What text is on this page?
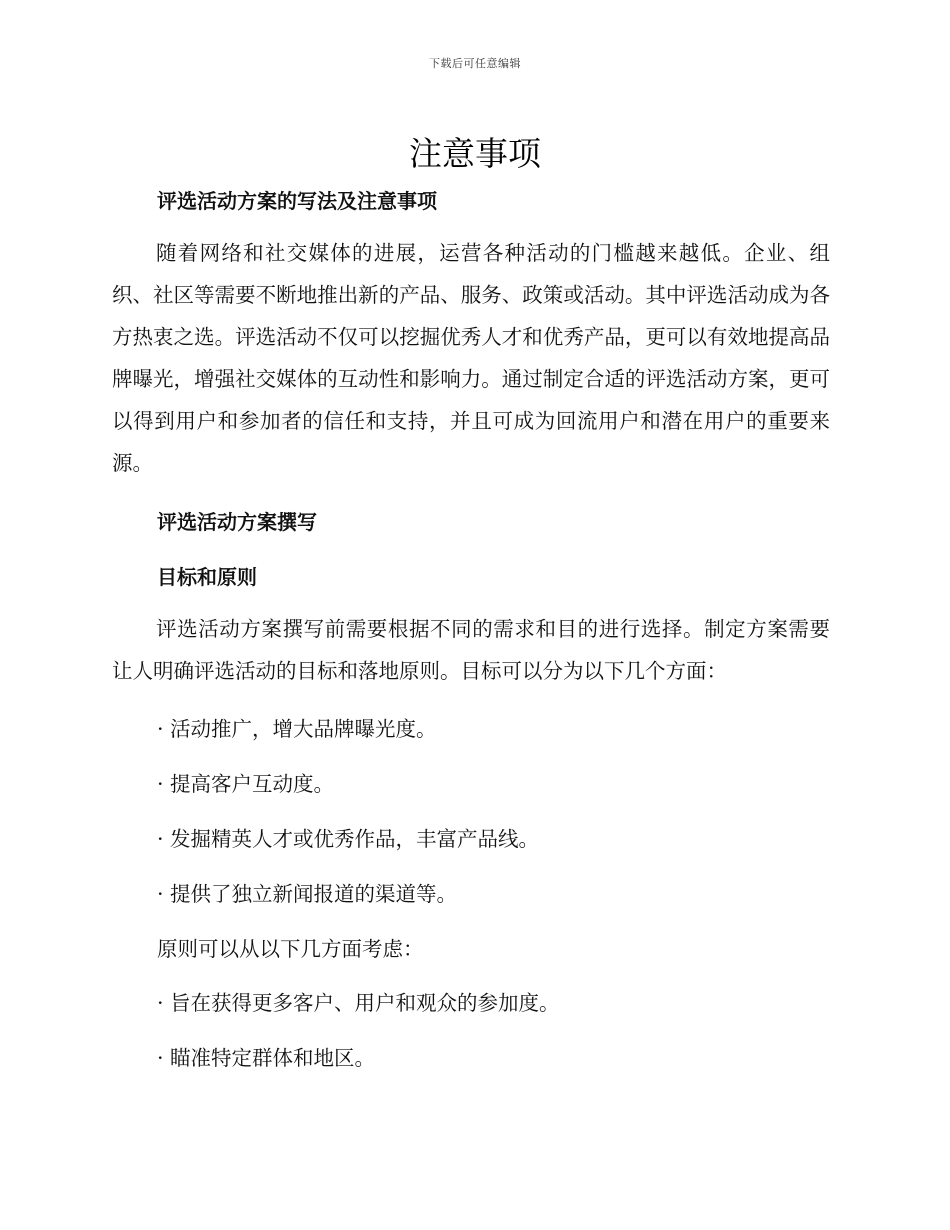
下载后可任意编辑
注意事项
评选活动方案的写法及注意事项
随着网络和社交媒体的进展，运营各种活动的门槛越来越低。企业、组织、社区等需要不断地推出新的产品、服务、政策或活动。其中评选活动成为各方热衷之选。评选活动不仅可以挖掘优秀人才和优秀产品，更可以有效地提高品牌曝光，增强社交媒体的互动性和影响力。通过制定合适的评选活动方案，更可以得到用户和参加者的信任和支持，并且可成为回流用户和潜在用户的重要来源。
评选活动方案撰写
目标和原则
评选活动方案撰写前需要根据不同的需求和目的进行选择。制定方案需要让人明确评选活动的目标和落地原则。目标可以分为以下几个方面：
· 活动推广，增大品牌曝光度。
· 提高客户互动度。
· 发掘精英人才或优秀作品，丰富产品线。
· 提供了独立新闻报道的渠道等。
原则可以从以下几方面考虑：
· 旨在获得更多客户、用户和观众的参加度。
· 瞄准特定群体和地区。
